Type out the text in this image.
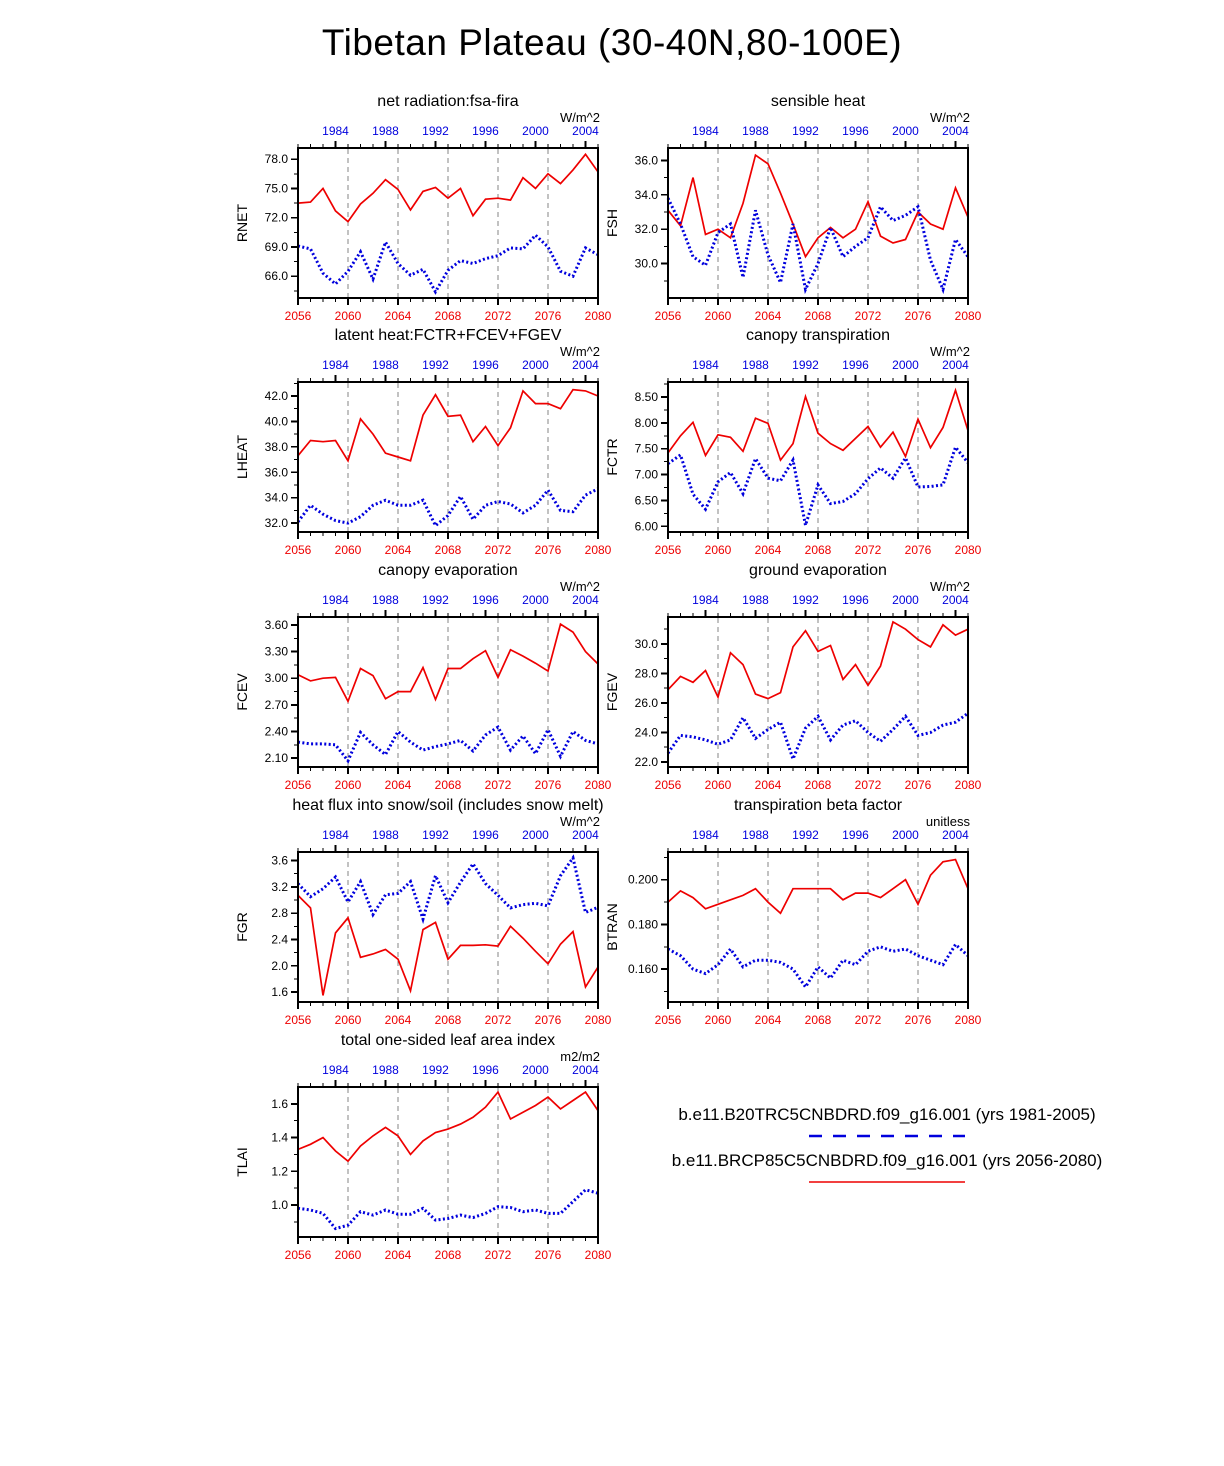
Tibetan Plateau (30-40N,80-100E)
1984 1988 1992 1996 2000 2004
2056 2060 2064 2068 2072 2076 2080
66.0
69.0
72.0
75.0
78.0
RNET
net radiation:fsa-fira
W/m^2
1984 1988 1992 1996 2000 2004
2056 2060 2064 2068 2072 2076 2080
30.0
32.0
34.0
36.0
FSH
sensible heat
W/m^2
1984 1988 1992 1996 2000 2004
2056 2060 2064 2068 2072 2076 2080
32.0
34.0
36.0
38.0
40.0
42.0
LHEAT
latent heat:FCTR+FCEV+FGEV
W/m^2
1984 1988 1992 1996 2000 2004
2056 2060 2064 2068 2072 2076 2080
6.00
6.50
7.00
7.50
8.00
8.50
FCTR
canopy transpiration
W/m^2
1984 1988 1992 1996 2000 2004
2056 2060 2064 2068 2072 2076 2080
2.10
2.40
2.70
3.00
3.30
3.60
FCEV
canopy evaporation
W/m^2
1984 1988 1992 1996 2000 2004
2056 2060 2064 2068 2072 2076 2080
22.0
24.0
26.0
28.0
30.0
FGEV
ground evaporation
W/m^2
1984 1988 1992 1996 2000 2004
2056 2060 2064 2068 2072 2076 2080
1.6
2.0
2.4
2.8
3.2
3.6
FGR
heat flux into snow/soil (includes snow melt)
W/m^2
1984 1988 1992 1996 2000 2004
2056 2060 2064 2068 2072 2076 2080
0.160
0.180
0.200
BTRAN
transpiration beta factor
unitless
1984 1988 1992 1996 2000 2004
2056 2060 2064 2068 2072 2076 2080
1.0
1.2
1.4
1.6
TLAI
total one-sided leaf area index
m2/m2
b.e11.B20TRC5CNBDRD.f09_g16.001 (yrs 1981-2005)
b.e11.BRCP85C5CNBDRD.f09_g16.001 (yrs 2056-2080)
